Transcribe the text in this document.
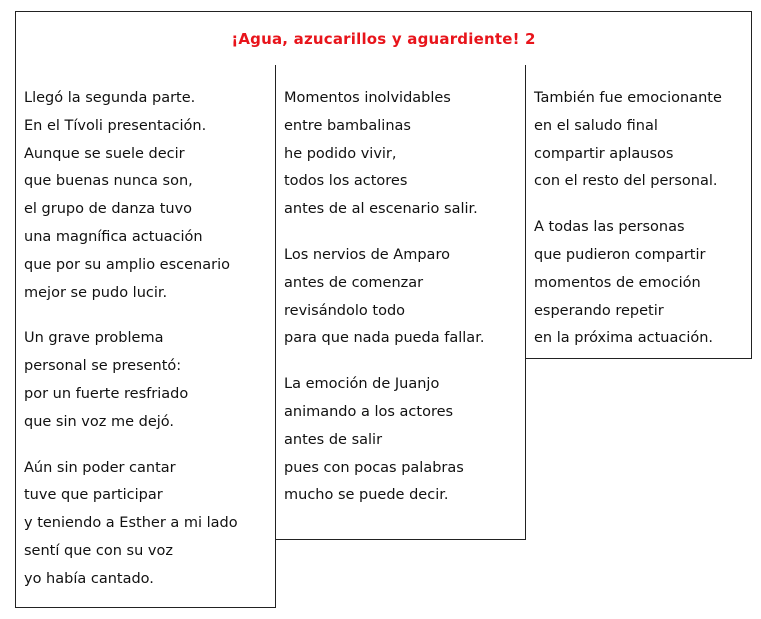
¡Agua, azucarillos y aguardiente! 2
Llegó la segunda parte.
En el Tívoli presentación.
Aunque se suele decir
que buenas nunca son,
el grupo de danza tuvo
una magnífica actuación
que por su amplio escenario
mejor se pudo lucir.
Un grave problema
personal se presentó:
por un fuerte resfriado
que sin voz me dejó.
Aún sin poder cantar
tuve que participar
y teniendo a Esther a mi lado
sentí que con su voz
yo había cantado.
Momentos inolvidables
entre bambalinas
he podido vivir,
todos los actores
antes de al escenario salir.
Los nervios de Amparo
antes de comenzar
revisándolo todo
para que nada pueda fallar.
La emoción de Juanjo
animando a los actores
antes de salir
pues con pocas palabras
mucho se puede decir.
También fue emocionante
en el saludo final
compartir aplausos
con el resto del personal.
A todas las personas
que pudieron compartir
momentos de emoción
esperando repetir
en la próxima actuación.
